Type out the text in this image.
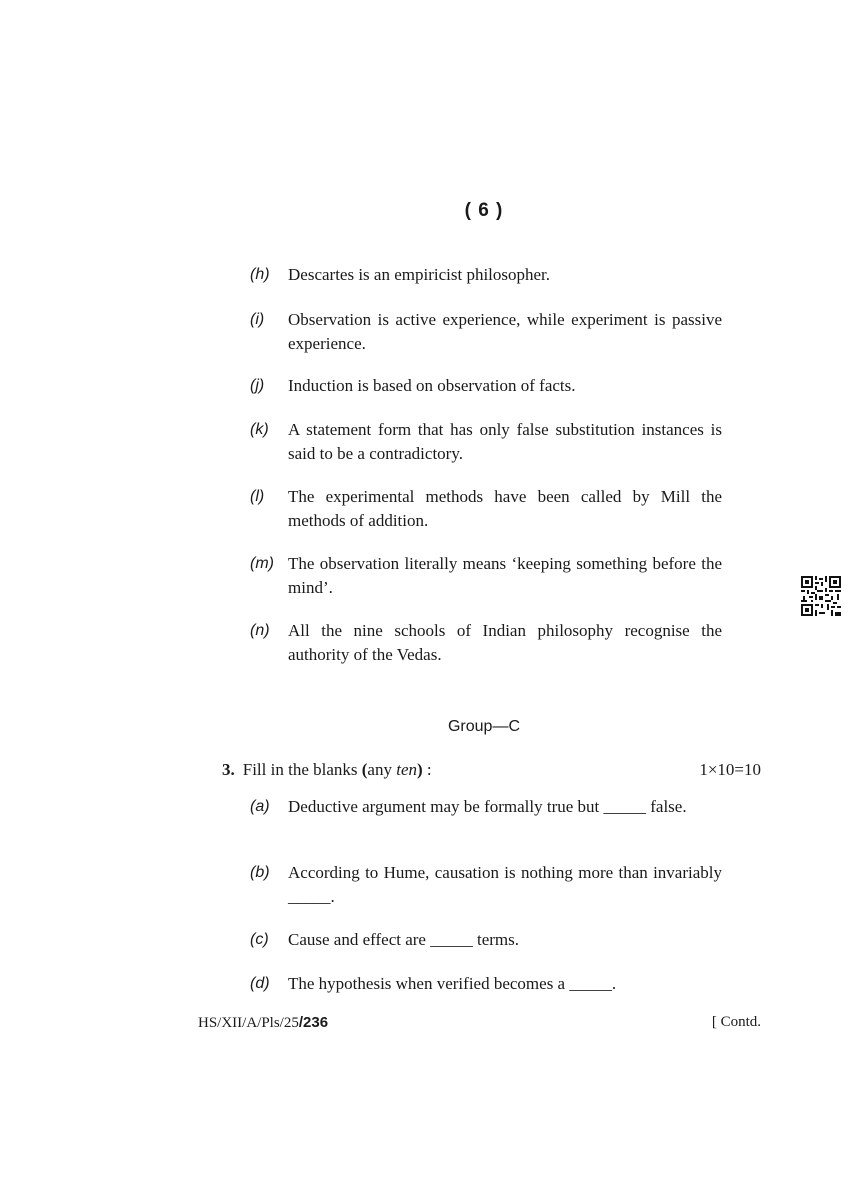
( 6 )
(h)	Descartes is an empiricist philosopher.
(i)	Observation is active experience, while experiment is passive experience.
(j)	Induction is based on observation of facts.
(k)	A statement form that has only false substitution instances is said to be a contradictory.
(l)	The experimental methods have been called by Mill the methods of addition.
(m) The observation literally means ‘keeping something before the mind’.
(n)	All the nine schools of Indian philosophy recognise the authority of the Vedas.
Group—C
3. Fill in the blanks (any ten) :	1×10=10
(a)	Deductive argument may be formally true but _____ false.
(b)	According to Hume, causation is nothing more than invariably _____.
(c)	Cause and effect are _____ terms.
(d)	The hypothesis when verified becomes a _____.
HS/XII/A/Pls/25/236	[ Contd.
